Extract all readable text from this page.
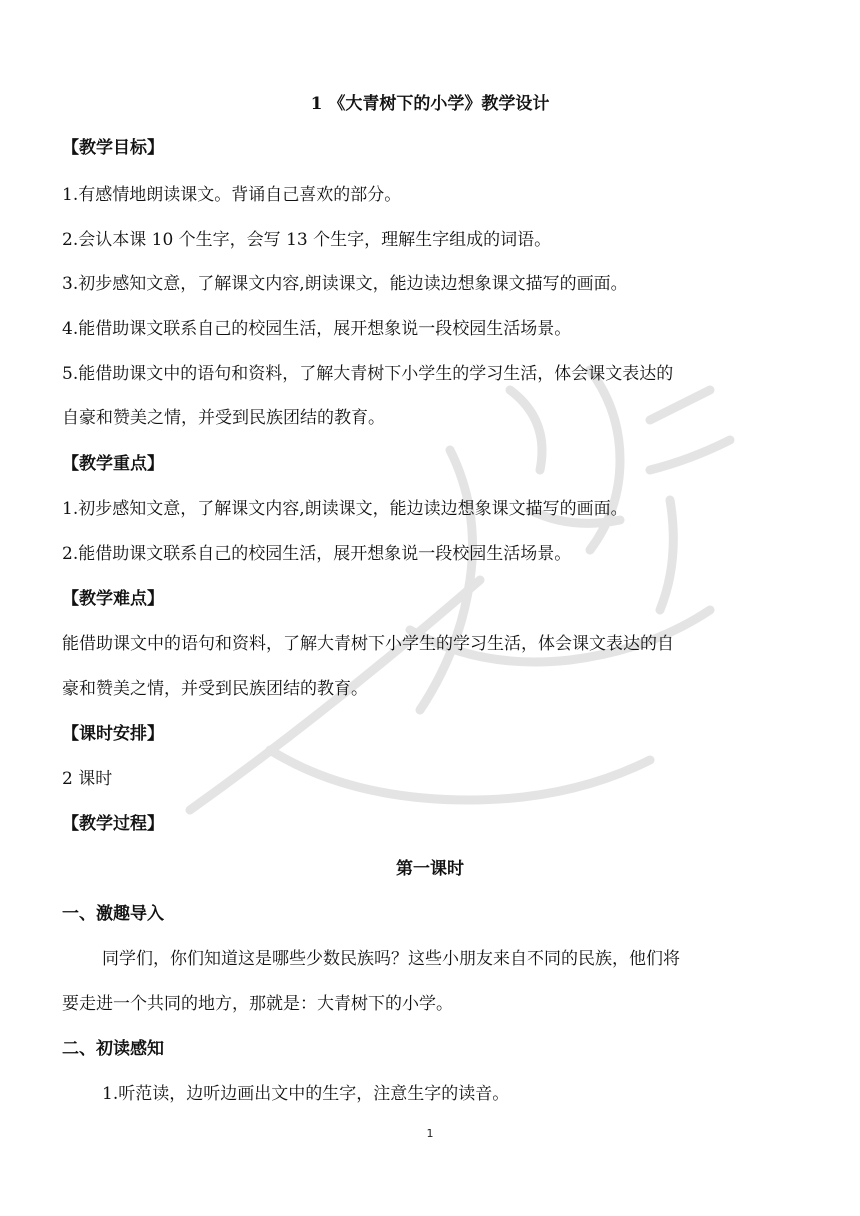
1 《大青树下的小学》教学设计
【教学目标】
1.有感情地朗读课文。背诵自己喜欢的部分。
2.会认本课 10 个生字，会写 13 个生字，理解生字组成的词语。
3.初步感知文意，了解课文内容,朗读课文，能边读边想象课文描写的画面。
4.能借助课文联系自己的校园生活，展开想象说一段校园生活场景。
5.能借助课文中的语句和资料，了解大青树下小学生的学习生活，体会课文表达的
自豪和赞美之情，并受到民族团结的教育。
【教学重点】
1.初步感知文意，了解课文内容,朗读课文，能边读边想象课文描写的画面。
2.能借助课文联系自己的校园生活，展开想象说一段校园生活场景。
【教学难点】
能借助课文中的语句和资料，了解大青树下小学生的学习生活，体会课文表达的自
豪和赞美之情，并受到民族团结的教育。
【课时安排】
2 课时
【教学过程】
第一课时
一、激趣导入
同学们，你们知道这是哪些少数民族吗？这些小朋友来自不同的民族，他们将
要走进一个共同的地方，那就是：大青树下的小学。
二、初读感知
1.听范读，边听边画出文中的生字，注意生字的读音。
1
